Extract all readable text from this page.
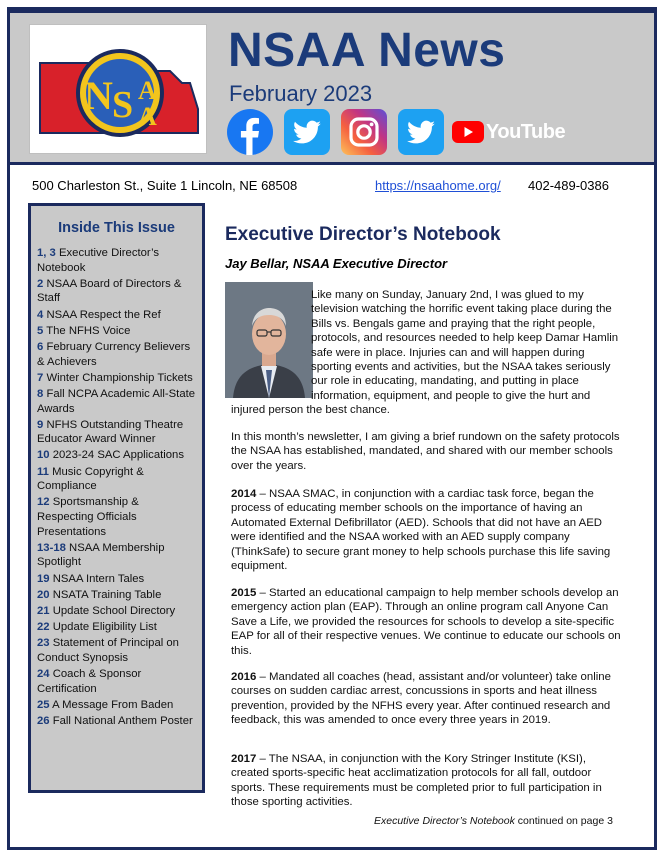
N S A
A
NSAA News
February 2023
YouTube
500 Charleston St., Suite 1 Lincoln, NE 68508	https://nsaahome.org/ 402-489-0386
Inside This Issue
1, 3 Executive Director’s Notebook
2 NSAA Board of Directors & Staff
4 NSAA Respect the Ref
5 The NFHS Voice
6 February Currency Believers & Achievers
7 Winter Championship Tickets
8 Fall NCPA Academic All-State Awards
9 NFHS Outstanding Theatre Educator Award Winner
10 2023-24 SAC Applications
11 Music Copyright & Compliance
12 Sportsmanship & Respecting Officials Presentations
13-18 NSAA Membership Spotlight
19 NSAA Intern Tales
20 NSATA Training Table
21 Update School Directory
22 Update Eligibility List
23 Statement of Principal on Conduct Synopsis
24 Coach & Sponsor Certification
25 A Message From Baden
26 Fall National Anthem Poster
Executive Director’s Notebook
Jay Bellar, NSAA Executive Director

Like many on Sunday, January 2nd, I was glued to my television watching the horrific event taking place during the Bills vs. Bengals game and praying that the right people, protocols, and resources needed to help keep Damar Hamlin safe were in place. Injuries can and will happen during sporting events and activities, but the NSAA takes seriously our role in educating, mandating, and putting in place information, equipment, and people to give the hurt and injured person the best chance.

In this month’s newsletter, I am giving a brief rundown on the safety protocols the NSAA has established, mandated, and shared with our member schools over the years.

2014 – NSAA SMAC, in conjunction with a cardiac task force, began the process of educating member schools on the importance of having an Automated External Defibrillator (AED). Schools that did not have an AED were identified and the NSAA worked with an AED supply company (ThinkSafe) to secure grant money to help schools purchase this life saving equipment.

2015 – Started an educational campaign to help member schools develop an emergency action plan (EAP). Through an online program call Anyone Can Save a Life, we provided the resources for schools to develop a site-specific EAP for all of their respective venues. We continue to educate our schools on this.

2016 – Mandated all coaches (head, assistant and/or volunteer) take online courses on sudden cardiac arrest, concussions in sports and heat illness prevention, provided by the NFHS every year. After continued research and feedback, this was amended to once every three years in 2019.

2017 – The NSAA, in conjunction with the Kory Stringer Institute (KSI), created sports-specific heat acclimatization protocols for all fall, outdoor sports. These requirements must be completed prior to full participation in those sporting activities.

Executive Director’s Notebook continued on page 3
